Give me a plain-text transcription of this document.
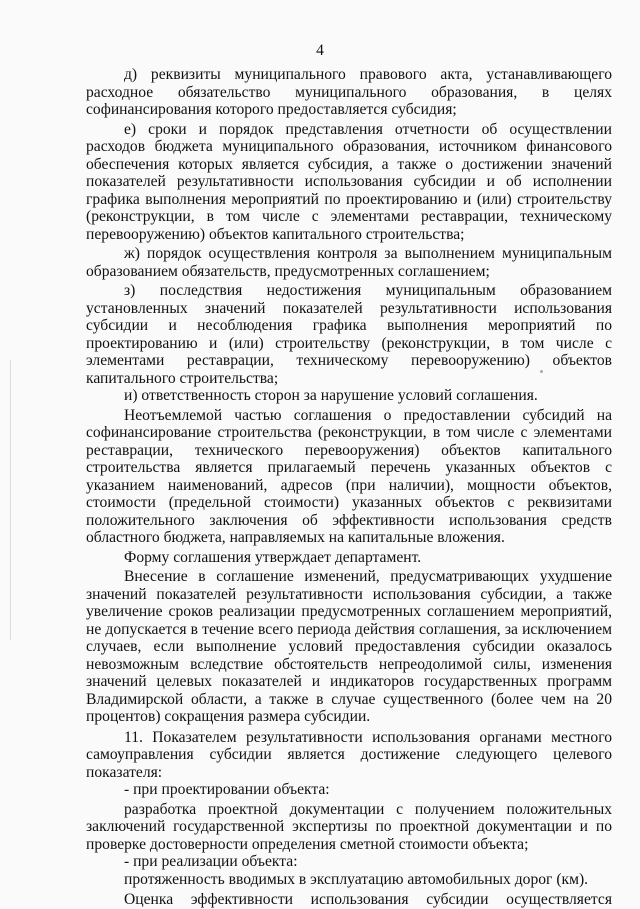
4

д) реквизиты муниципального правового акта, устанавливающего расходное обязательство муниципального образования, в целях софинансирования которого предоставляется субсидия;

е) сроки и порядок представления отчетности об осуществлении расходов бюджета муниципального образования, источником финансового обеспечения которых является субсидия, а также о достижении значений показателей результативности использования субсидии и об исполнении графика выполнения мероприятий по проектированию и (или) строительству (реконструкции, в том числе с элементами реставрации, техническому перевооружению) объектов капитального строительства;

ж) порядок осуществления контроля за выполнением муниципальным образованием обязательств, предусмотренных соглашением;

з) последствия недостижения муниципальным образованием установленных значений показателей результативности использования субсидии и несоблюдения графика выполнения мероприятий по проектированию и (или) строительству (реконструкции, в том числе с элементами реставрации, техническому перевооружению) объектов капитального строительства;

и) ответственность сторон за нарушение условий соглашения.

Неотъемлемой частью соглашения о предоставлении субсидий на софинансирование строительства (реконструкции, в том числе с элементами реставрации, технического перевооружения) объектов капитального строительства является прилагаемый перечень указанных объектов с указанием наименований, адресов (при наличии), мощности объектов, стоимости (предельной стоимости) указанных объектов с реквизитами положительного заключения об эффективности использования средств областного бюджета, направляемых на капитальные вложения.

Форму соглашения утверждает департамент.

Внесение в соглашение изменений, предусматривающих ухудшение значений показателей результативности использования субсидии, а также увеличение сроков реализации предусмотренных соглашением мероприятий, не допускается в течение всего периода действия соглашения, за исключением случаев, если выполнение условий предоставления субсидии оказалось невозможным вследствие обстоятельств непреодолимой силы, изменения значений целевых показателей и индикаторов государственных программ Владимирской области, а также в случае существенного (более чем на 20 процентов) сокращения размера субсидии.

11. Показателем результативности использования органами местного самоуправления субсидии является достижение следующего целевого показателя:

- при проектировании объекта:

разработка проектной документации с получением положительных заключений государственной экспертизы по проектной документации и по проверке достоверности определения сметной стоимости объекта;

- при реализации объекта:

протяженность вводимых в эксплуатацию автомобильных дорог (км).

Оценка эффективности использования субсидии осуществляется
